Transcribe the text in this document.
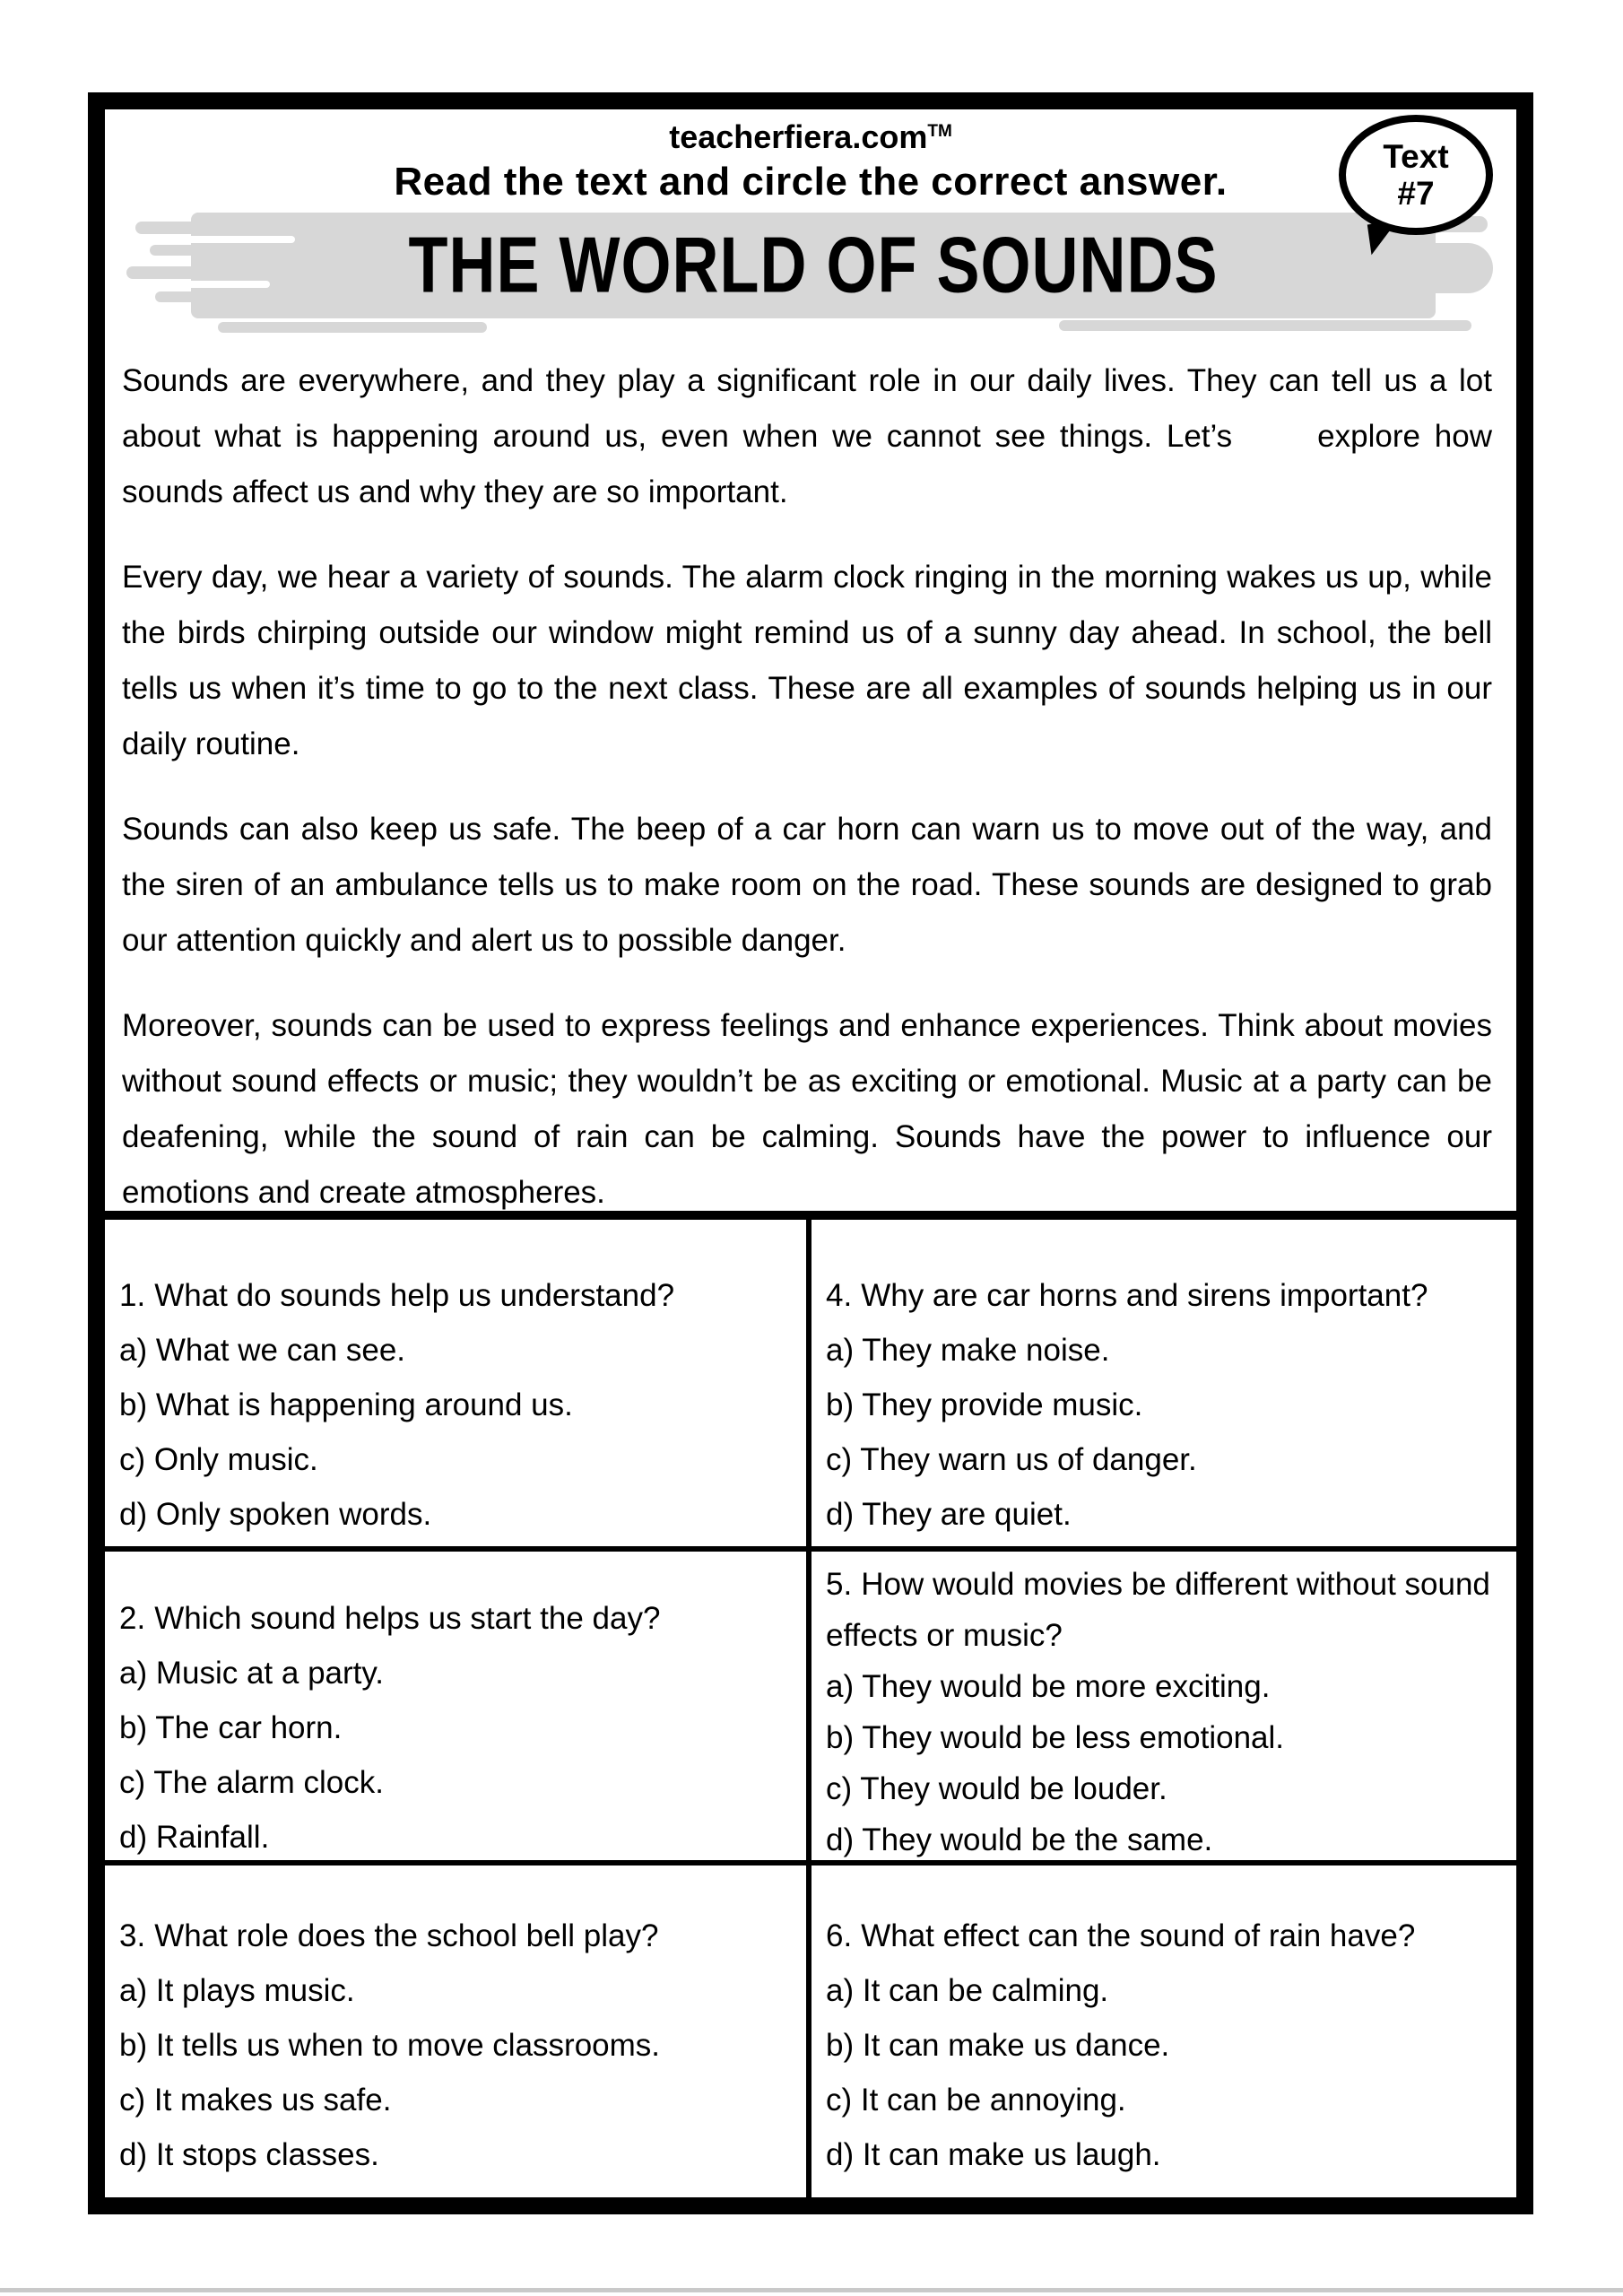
teacherfiera.com™
Read the text and circle the correct answer.
THE WORLD OF SOUNDS
Text
#7

Sounds are everywhere, and they play a significant role in our daily lives. They can tell us a lot about what is happening around us, even when we cannot see things. Let’s      explore how sounds affect us and why they are so important.

Every day, we hear a variety of sounds. The alarm clock ringing in the morning wakes us up, while the birds chirping outside our window might remind us of a sunny day ahead. In school, the bell tells us when it’s time to go to the next class. These are all examples of sounds helping us in our daily routine.

Sounds can also keep us safe. The beep of a car horn can warn us to move out of the way, and the siren of an ambulance tells us to make room on the road. These sounds are designed to grab our attention quickly and alert us to possible danger.

Moreover, sounds can be used to express feelings and enhance experiences. Think about movies without sound effects or music; they wouldn’t be as exciting or emotional. Music at a party can be deafening, while the sound of rain can be calming. Sounds have the power to influence our emotions and create atmospheres.

1. What do sounds help us understand?
a) What we can see.
b) What is happening around us.
c) Only music.
d) Only spoken words.
4. Why are car horns and sirens important?
a) They make noise.
b) They provide music.
c) They warn us of danger.
d) They are quiet.
2. Which sound helps us start the day?
a) Music at a party.
b) The car horn.
c) The alarm clock.
d) Rainfall.
5. How would movies be different without sound effects or music?
a) They would be more exciting.
b) They would be less emotional.
c) They would be louder.
d) They would be the same.
3. What role does the school bell play?
a) It plays music.
b) It tells us when to move classrooms.
c) It makes us safe.
d) It stops classes.
6. What effect can the sound of rain have?
a) It can be calming.
b) It can make us dance.
c) It can be annoying.
d) It can make us laugh.
